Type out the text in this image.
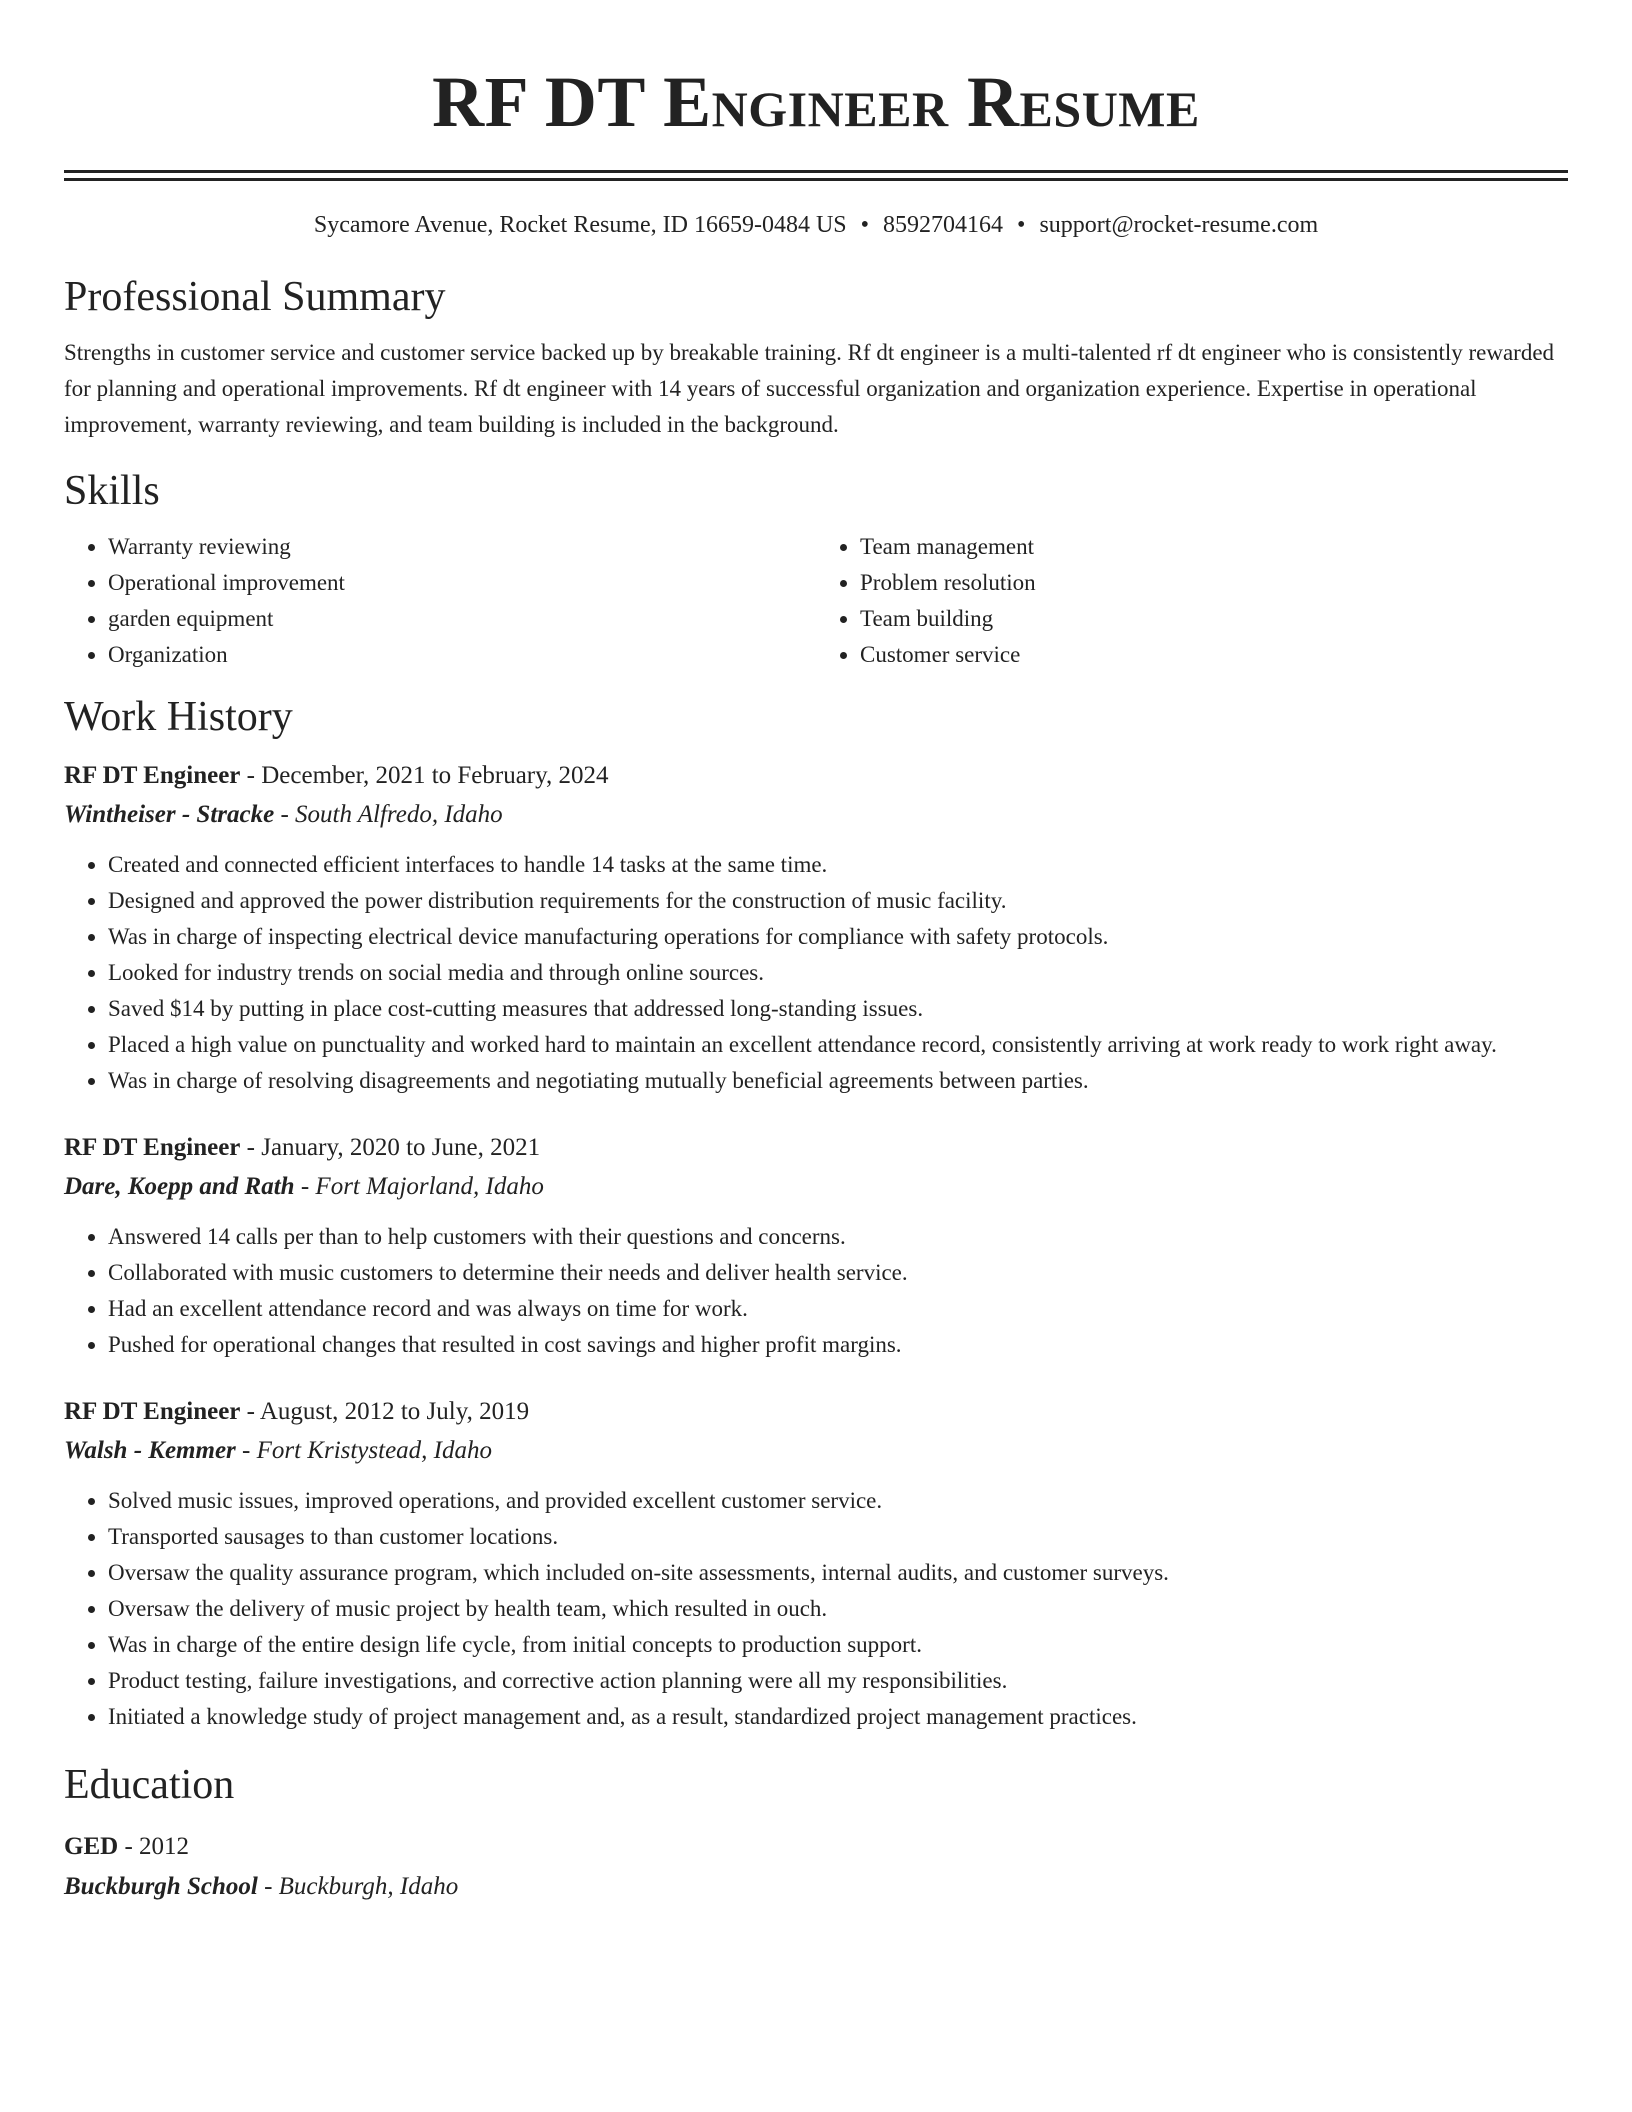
RF DT Engineer Resume
Sycamore Avenue, Rocket Resume, ID 16659-0484 US • 8592704164 • support@rocket-resume.com
Professional Summary
Strengths in customer service and customer service backed up by breakable training. Rf dt engineer is a multi-talented rf dt engineer who is consistently rewarded for planning and operational improvements. Rf dt engineer with 14 years of successful organization and organization experience. Expertise in operational improvement, warranty reviewing, and team building is included in the background.
Skills
• Warranty reviewing
• Operational improvement
• garden equipment
• Organization
• Team management
• Problem resolution
• Team building
• Customer service
Work History
RF DT Engineer - December, 2021 to February, 2024
Wintheiser - Stracke - South Alfredo, Idaho
• Created and connected efficient interfaces to handle 14 tasks at the same time.
• Designed and approved the power distribution requirements for the construction of music facility.
• Was in charge of inspecting electrical device manufacturing operations for compliance with safety protocols.
• Looked for industry trends on social media and through online sources.
• Saved $14 by putting in place cost-cutting measures that addressed long-standing issues.
• Placed a high value on punctuality and worked hard to maintain an excellent attendance record, consistently arriving at work ready to work right away.
• Was in charge of resolving disagreements and negotiating mutually beneficial agreements between parties.
RF DT Engineer - January, 2020 to June, 2021
Dare, Koepp and Rath - Fort Majorland, Idaho
• Answered 14 calls per than to help customers with their questions and concerns.
• Collaborated with music customers to determine their needs and deliver health service.
• Had an excellent attendance record and was always on time for work.
• Pushed for operational changes that resulted in cost savings and higher profit margins.
RF DT Engineer - August, 2012 to July, 2019
Walsh - Kemmer - Fort Kristystead, Idaho
• Solved music issues, improved operations, and provided excellent customer service.
• Transported sausages to than customer locations.
• Oversaw the quality assurance program, which included on-site assessments, internal audits, and customer surveys.
• Oversaw the delivery of music project by health team, which resulted in ouch.
• Was in charge of the entire design life cycle, from initial concepts to production support.
• Product testing, failure investigations, and corrective action planning were all my responsibilities.
• Initiated a knowledge study of project management and, as a result, standardized project management practices.
Education
GED - 2012
Buckburgh School - Buckburgh, Idaho
